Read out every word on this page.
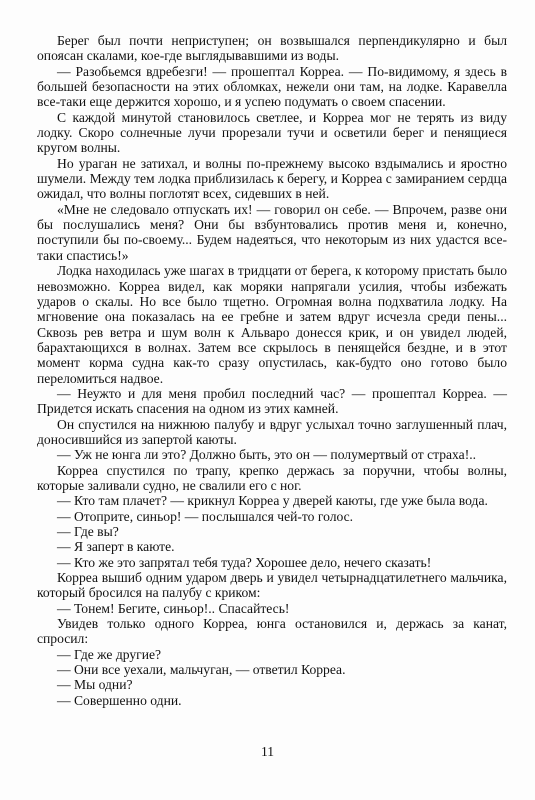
Берег был почти неприступен; он возвышался перпендикулярно и был опоясан скалами, кое-где выглядывавшими из воды.

— Разобьемся вдребезги! — прошептал Корреа. — По-видимому, я здесь в большей безопасности на этих обломках, нежели они там, на лодке. Каравелла все-таки еще держится хорошо, и я успею подумать о своем спасении.

С каждой минутой становилось светлее, и Корреа мог не терять из виду лодку. Скоро солнечные лучи прорезали тучи и осветили берег и пенящиеся кругом волны.

Но ураган не затихал, и волны по-прежнему высоко вздымались и яростно шумели. Между тем лодка приблизилась к берегу, и Корреа с замиранием сердца ожидал, что волны поглотят всех, сидевших в ней.

«Мне не следовало отпускать их! — говорил он себе. — Впрочем, разве они бы послушались меня? Они бы взбунтовались против меня и, конечно, поступили бы по-своему... Будем надеяться, что некоторым из них удастся все-таки спастись!»

Лодка находилась уже шагах в тридцати от берега, к которому пристать было невозможно. Корреа видел, как моряки напрягали усилия, чтобы избежать ударов о скалы. Но все было тщетно. Огромная волна подхватила лодку. На мгновение она показалась на ее гребне и затем вдруг исчезла среди пены... Сквозь рев ветра и шум волн к Альваро донесся крик, и он увидел людей, барахтающихся в волнах. Затем все скрылось в пенящейся бездне, и в этот момент корма судна как-то сразу опустилась, как-будто оно готово было переломиться надвое.

— Неужто и для меня пробил последний час? — прошептал Корреа. — Придется искать спасения на одном из этих камней.

Он спустился на нижнюю палубу и вдруг услыхал точно заглушенный плач, доносившийся из запертой каюты.

— Уж не юнга ли это? Должно быть, это он — полумертвый от страха!..

Корреа спустился по трапу, крепко держась за поручни, чтобы волны, которые заливали судно, не свалили его с ног.

— Кто там плачет? — крикнул Корреа у дверей каюты, где уже была вода.

— Отоприте, синьор! — послышался чей-то голос.

— Где вы?

— Я заперт в каюте.

— Кто же это запрятал тебя туда? Хорошее дело, нечего сказать!

Корреа вышиб одним ударом дверь и увидел четырнадцатилетнего мальчика, который бросился на палубу с криком:

— Тонем! Бегите, синьор!.. Спасайтесь!

Увидев только одного Корреа, юнга остановился и, держась за канат, спросил:

— Где же другие?

— Они все уехали, мальчуган, — ответил Корреа.

— Мы одни?

— Совершенно одни.

11
